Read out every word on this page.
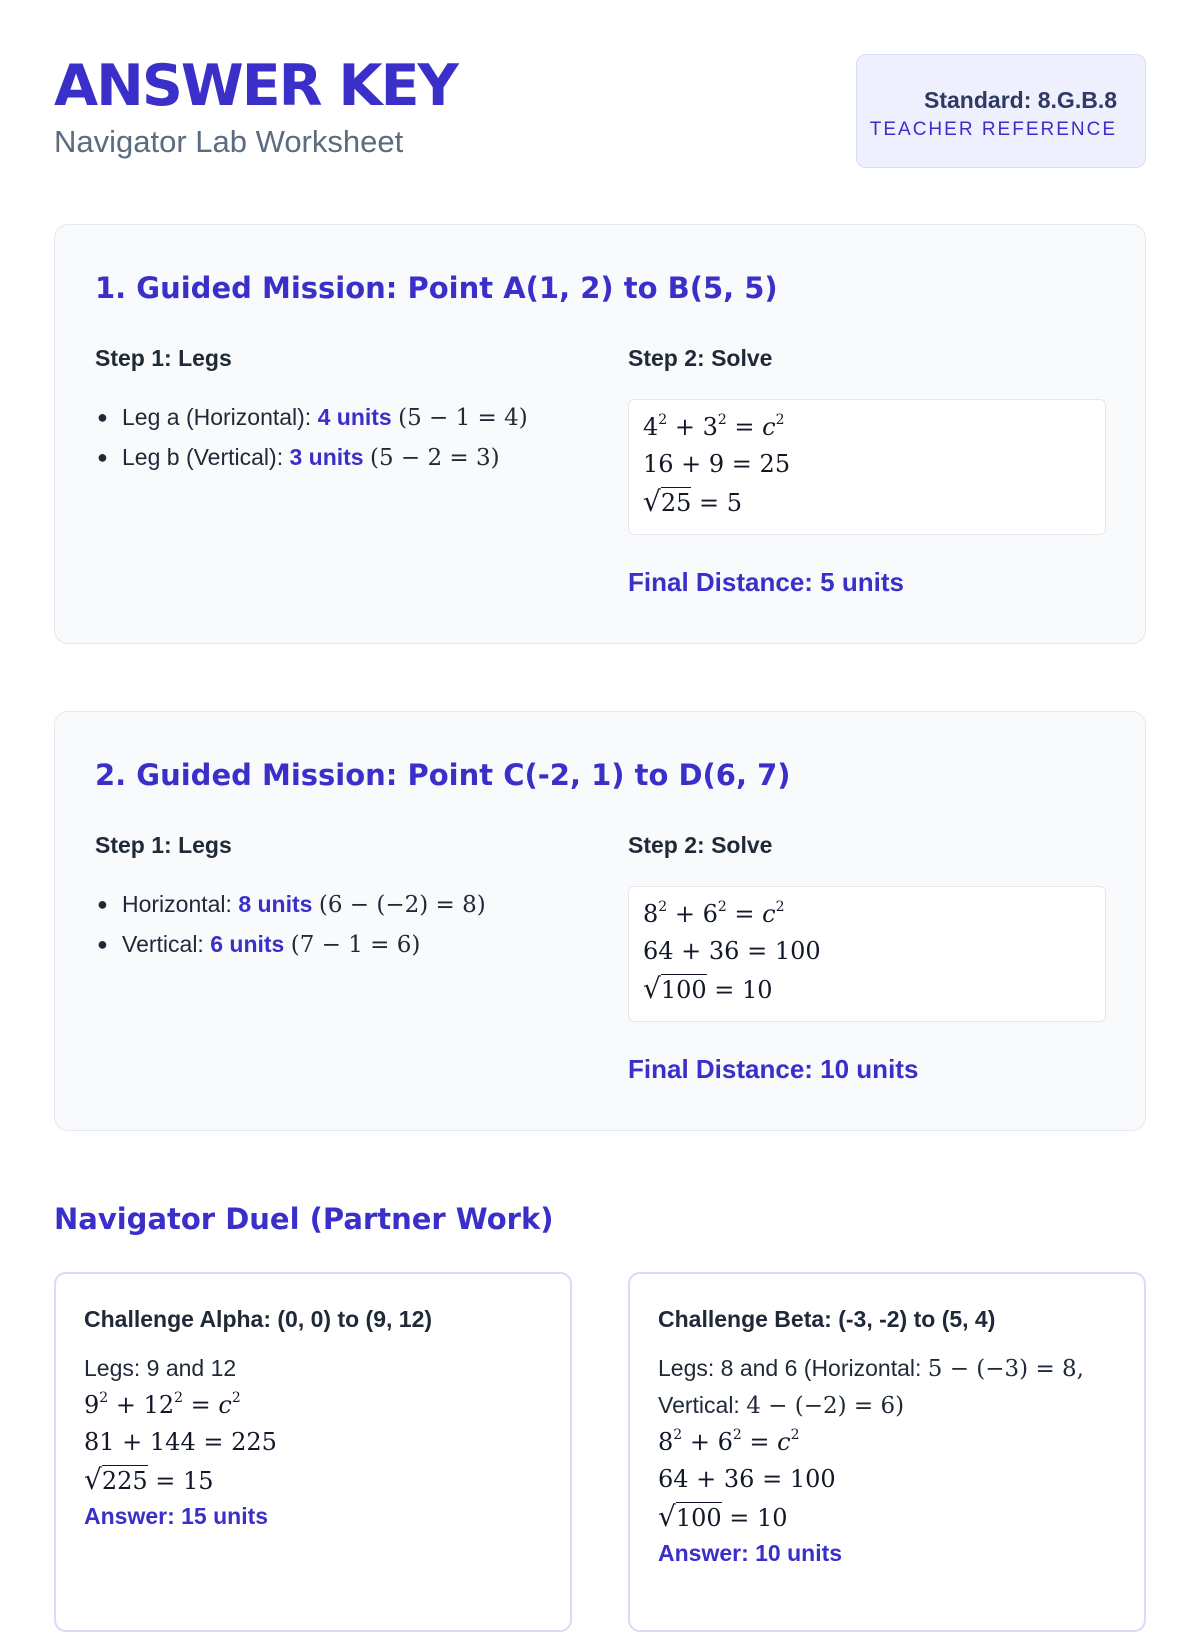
ANSWER KEY
Navigator Lab Worksheet
Standard: 8.G.B.8
TEACHER REFERENCE
1. Guided Mission: Point A(1, 2) to B(5, 5)
Step 1: Legs	Step 2: Solve
● Leg a (Horizontal): 4 units (5 − 1 = 4)
● Leg b (Vertical): 3 units (5 − 2 = 3)
$4^2 + 3^2 = c^2$
16 + 9 = 25
√25 = 5
Final Distance: 5 units
2. Guided Mission: Point C(-2, 1) to D(6, 7)
Step 1: Legs	Step 2: Solve
● Horizontal: 8 units (6 − (−2) = 8)
● Vertical: 6 units (7 − 1 = 6)
$8^2 + 6^2 = c^2$
64 + 36 = 100
√100 = 10
Final Distance: 10 units
Navigator Duel (Partner Work)
Challenge Alpha: (0, 0) to (9, 12)
Legs: 9 and 12
$9^2 + 12^2 = c^2$
81 + 144 = 225
√225 = 15
Answer: 15 units
Challenge Beta: (-3, -2) to (5, 4)
Legs: 8 and 6 (Horizontal: 5 − (−3) = 8,
Vertical: 4 − (−2) = 6)
$8^2 + 6^2 = c^2$
64 + 36 = 100
√100 = 10
Answer: 10 units
